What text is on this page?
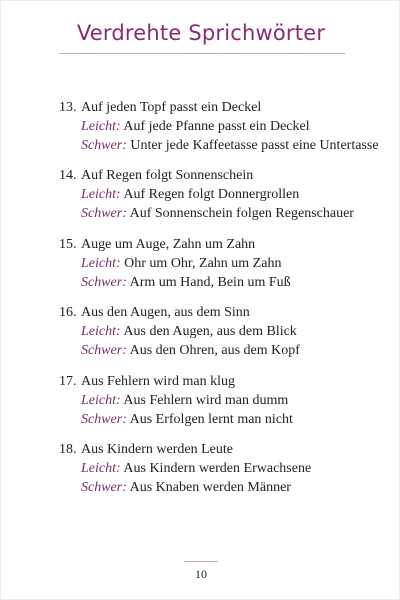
Verdrehte Sprichwörter
13. Auf jeden Topf passt ein Deckel
Leicht: Auf jede Pfanne passt ein Deckel
Schwer: Unter jede Kaffeetasse passt eine Untertasse
14. Auf Regen folgt Sonnenschein
Leicht: Auf Regen folgt Donnergrollen
Schwer: Auf Sonnenschein folgen Regenschauer
15. Auge um Auge, Zahn um Zahn
Leicht: Ohr um Ohr, Zahn um Zahn
Schwer: Arm um Hand, Bein um Fuß
16. Aus den Augen, aus dem Sinn
Leicht: Aus den Augen, aus dem Blick
Schwer: Aus den Ohren, aus dem Kopf
17. Aus Fehlern wird man klug
Leicht: Aus Fehlern wird man dumm
Schwer: Aus Erfolgen lernt man nicht
18. Aus Kindern werden Leute
Leicht: Aus Kindern werden Erwachsene
Schwer: Aus Knaben werden Männer
10
